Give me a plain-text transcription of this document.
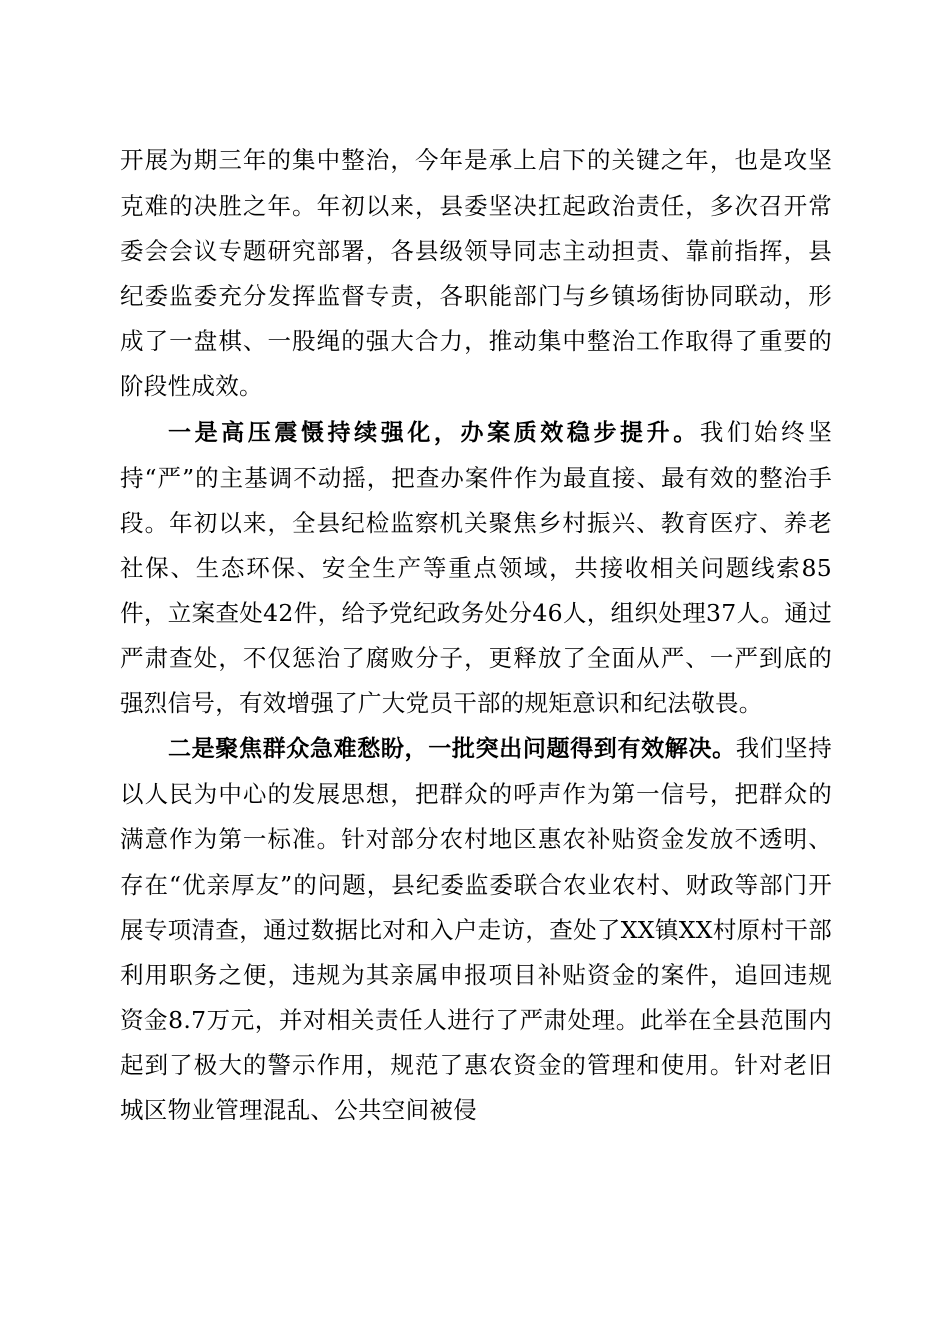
开展为期三年的集中整治，今年是承上启下的关键之年，也是攻坚克难的决胜之年。年初以来，县委坚决扛起政治责任，多次召开常委会会议专题研究部署，各县级领导同志主动担责、靠前指挥，县纪委监委充分发挥监督专责，各职能部门与乡镇场街协同联动，形成了一盘棋、一股绳的强大合力，推动集中整治工作取得了重要的阶段性成效。

一是高压震慑持续强化，办案质效稳步提升。我们始终坚持“严”的主基调不动摇，把查办案件作为最直接、最有效的整治手段。年初以来，全县纪检监察机关聚焦乡村振兴、教育医疗、养老社保、生态环保、安全生产等重点领域，共接收相关问题线索85件，立案查处42件，给予党纪政务处分46人，组织处理37人。通过严肃查处，不仅惩治了腐败分子，更释放了全面从严、一严到底的强烈信号，有效增强了广大党员干部的规矩意识和纪法敬畏。

二是聚焦群众急难愁盼，一批突出问题得到有效解决。我们坚持以人民为中心的发展思想，把群众的呼声作为第一信号，把群众的满意作为第一标准。针对部分农村地区惠农补贴资金发放不透明、存在“优亲厚友”的问题，县纪委监委联合农业农村、财政等部门开展专项清查，通过数据比对和入户走访，查处了XX镇XX村原村干部利用职务之便，违规为其亲属申报项目补贴资金的案件，追回违规资金8.7万元，并对相关责任人进行了严肃处理。此举在全县范围内起到了极大的警示作用，规范了惠农资金的管理和使用。针对老旧城区物业管理混乱、公共空间被侵
